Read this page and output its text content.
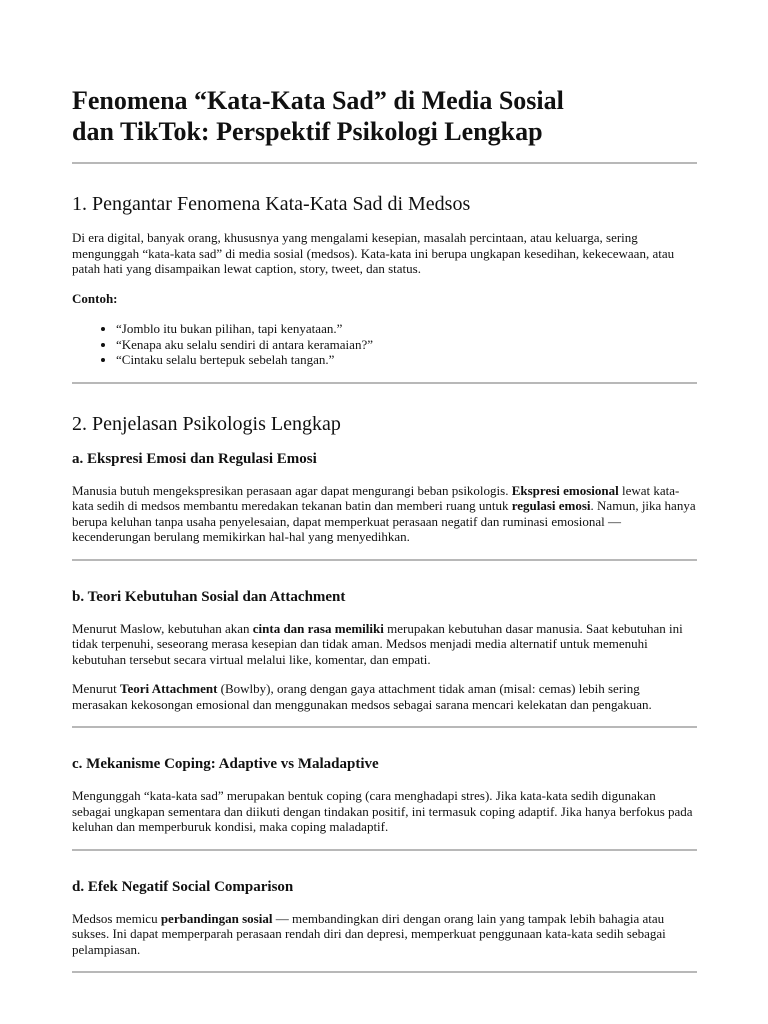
Fenomena “Kata-Kata Sad” di Media Sosial
dan TikTok: Perspektif Psikologi Lengkap
1. Pengantar Fenomena Kata-Kata Sad di Medsos

Di era digital, banyak orang, khususnya yang mengalami kesepian, masalah percintaan, atau keluarga, sering mengunggah “kata-kata sad” di media sosial (medsos). Kata-kata ini berupa ungkapan kesedihan, kekecewaan, atau patah hati yang disampaikan lewat caption, story, tweet, dan status.

Contoh:

• “Jomblo itu bukan pilihan, tapi kenyataan.”
• “Kenapa aku selalu sendiri di antara keramaian?”
• “Cintaku selalu bertepuk sebelah tangan.”
2. Penjelasan Psikologis Lengkap
a. Ekspresi Emosi dan Regulasi Emosi

Manusia butuh mengekspresikan perasaan agar dapat mengurangi beban psikologis. Ekspresi emosional lewat kata-kata sedih di medsos membantu meredakan tekanan batin dan memberi ruang untuk regulasi emosi. Namun, jika hanya berupa keluhan tanpa usaha penyelesaian, dapat memperkuat perasaan negatif dan ruminasi emosional — kecenderungan berulang memikirkan hal-hal yang menyedihkan.

b. Teori Kebutuhan Sosial dan Attachment

Menurut Maslow, kebutuhan akan cinta dan rasa memiliki merupakan kebutuhan dasar manusia. Saat kebutuhan ini tidak terpenuhi, seseorang merasa kesepian dan tidak aman. Medsos menjadi media alternatif untuk memenuhi kebutuhan tersebut secara virtual melalui like, komentar, dan empati.

Menurut Teori Attachment (Bowlby), orang dengan gaya attachment tidak aman (misal: cemas) lebih sering merasakan kekosongan emosional dan menggunakan medsos sebagai sarana mencari kelekatan dan pengakuan.

c. Mekanisme Coping: Adaptive vs Maladaptive

Mengunggah “kata-kata sad” merupakan bentuk coping (cara menghadapi stres). Jika kata-kata sedih digunakan sebagai ungkapan sementara dan diikuti dengan tindakan positif, ini termasuk coping adaptif. Jika hanya berfokus pada keluhan dan memperburuk kondisi, maka coping maladaptif.

d. Efek Negatif Social Comparison

Medsos memicu perbandingan sosial — membandingkan diri dengan orang lain yang tampak lebih bahagia atau sukses. Ini dapat memperparah perasaan rendah diri dan depresi, memperkuat penggunaan kata-kata sedih sebagai pelampiasan.
